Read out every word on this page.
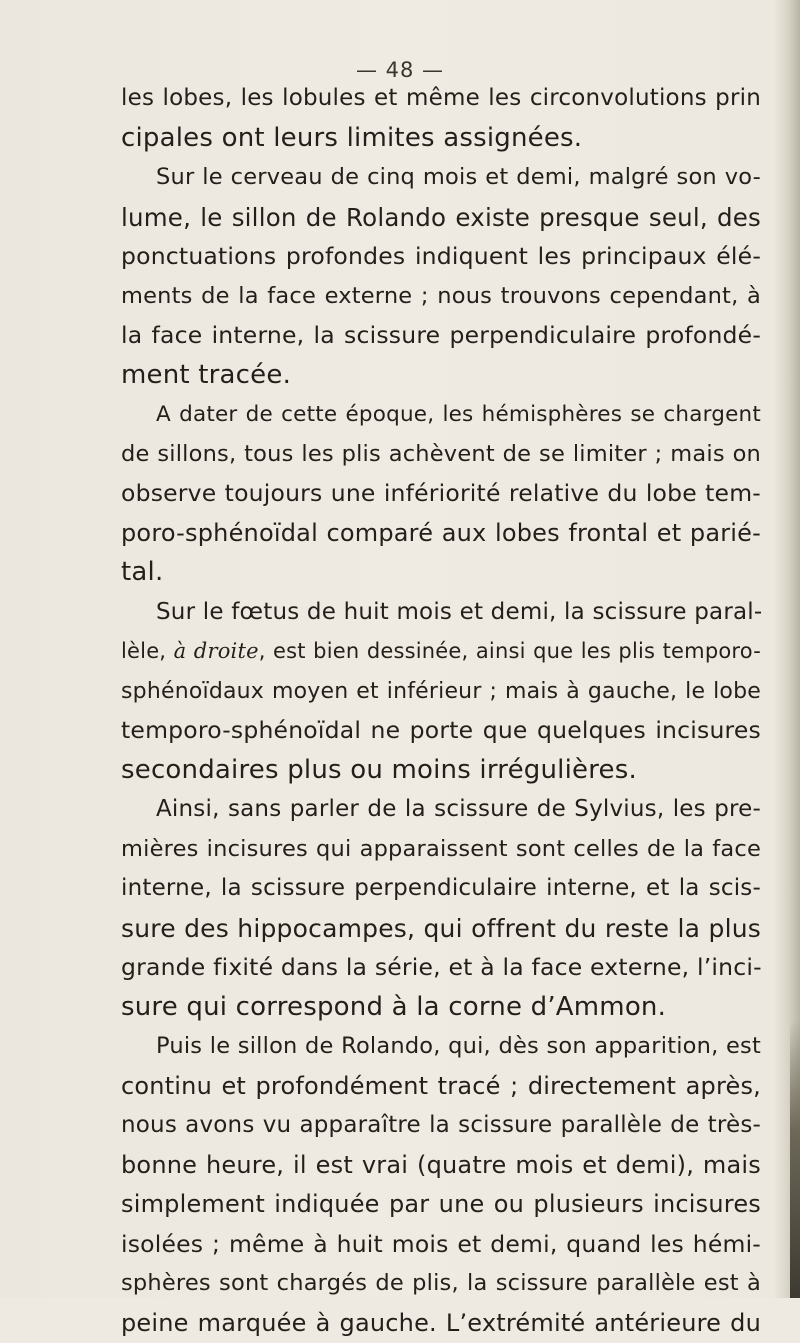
— 48 —
les lobes, les lobules et même les circonvolutions prin
cipales ont leurs limites assignées.
Sur le cerveau de cinq mois et demi, malgré son vo-
lume, le sillon de Rolando existe presque seul, des
ponctuations profondes indiquent les principaux élé-
ments de la face externe ; nous trouvons cependant, à
la face interne, la scissure perpendiculaire profondé-
ment tracée.
A dater de cette époque, les hémisphères se chargent
de sillons, tous les plis achèvent de se limiter ; mais on
observe toujours une infériorité relative du lobe tem-
poro-sphénoïdal comparé aux lobes frontal et parié-
tal.
Sur le fœtus de huit mois et demi, la scissure paral-
lèle, à droite, est bien dessinée, ainsi que les plis temporo-
sphénoïdaux moyen et inférieur ; mais à gauche, le lobe
temporo-sphénoïdal ne porte que quelques incisures
secondaires plus ou moins irrégulières.
Ainsi, sans parler de la scissure de Sylvius, les pre-
mières incisures qui apparaissent sont celles de la face
interne, la scissure perpendiculaire interne, et la scis-
sure des hippocampes, qui offrent du reste la plus
grande fixité dans la série, et à la face externe, l’inci-
sure qui correspond à la corne d’Ammon.
Puis le sillon de Rolando, qui, dès son apparition, est
continu et profondément tracé ; directement après,
nous avons vu apparaître la scissure parallèle de très-
bonne heure, il est vrai (quatre mois et demi), mais
simplement indiquée par une ou plusieurs incisures
isolées ; même à huit mois et demi, quand les hémi-
sphères sont chargés de plis, la scissure parallèle est à
peine marquée à gauche. L’extrémité antérieure du
